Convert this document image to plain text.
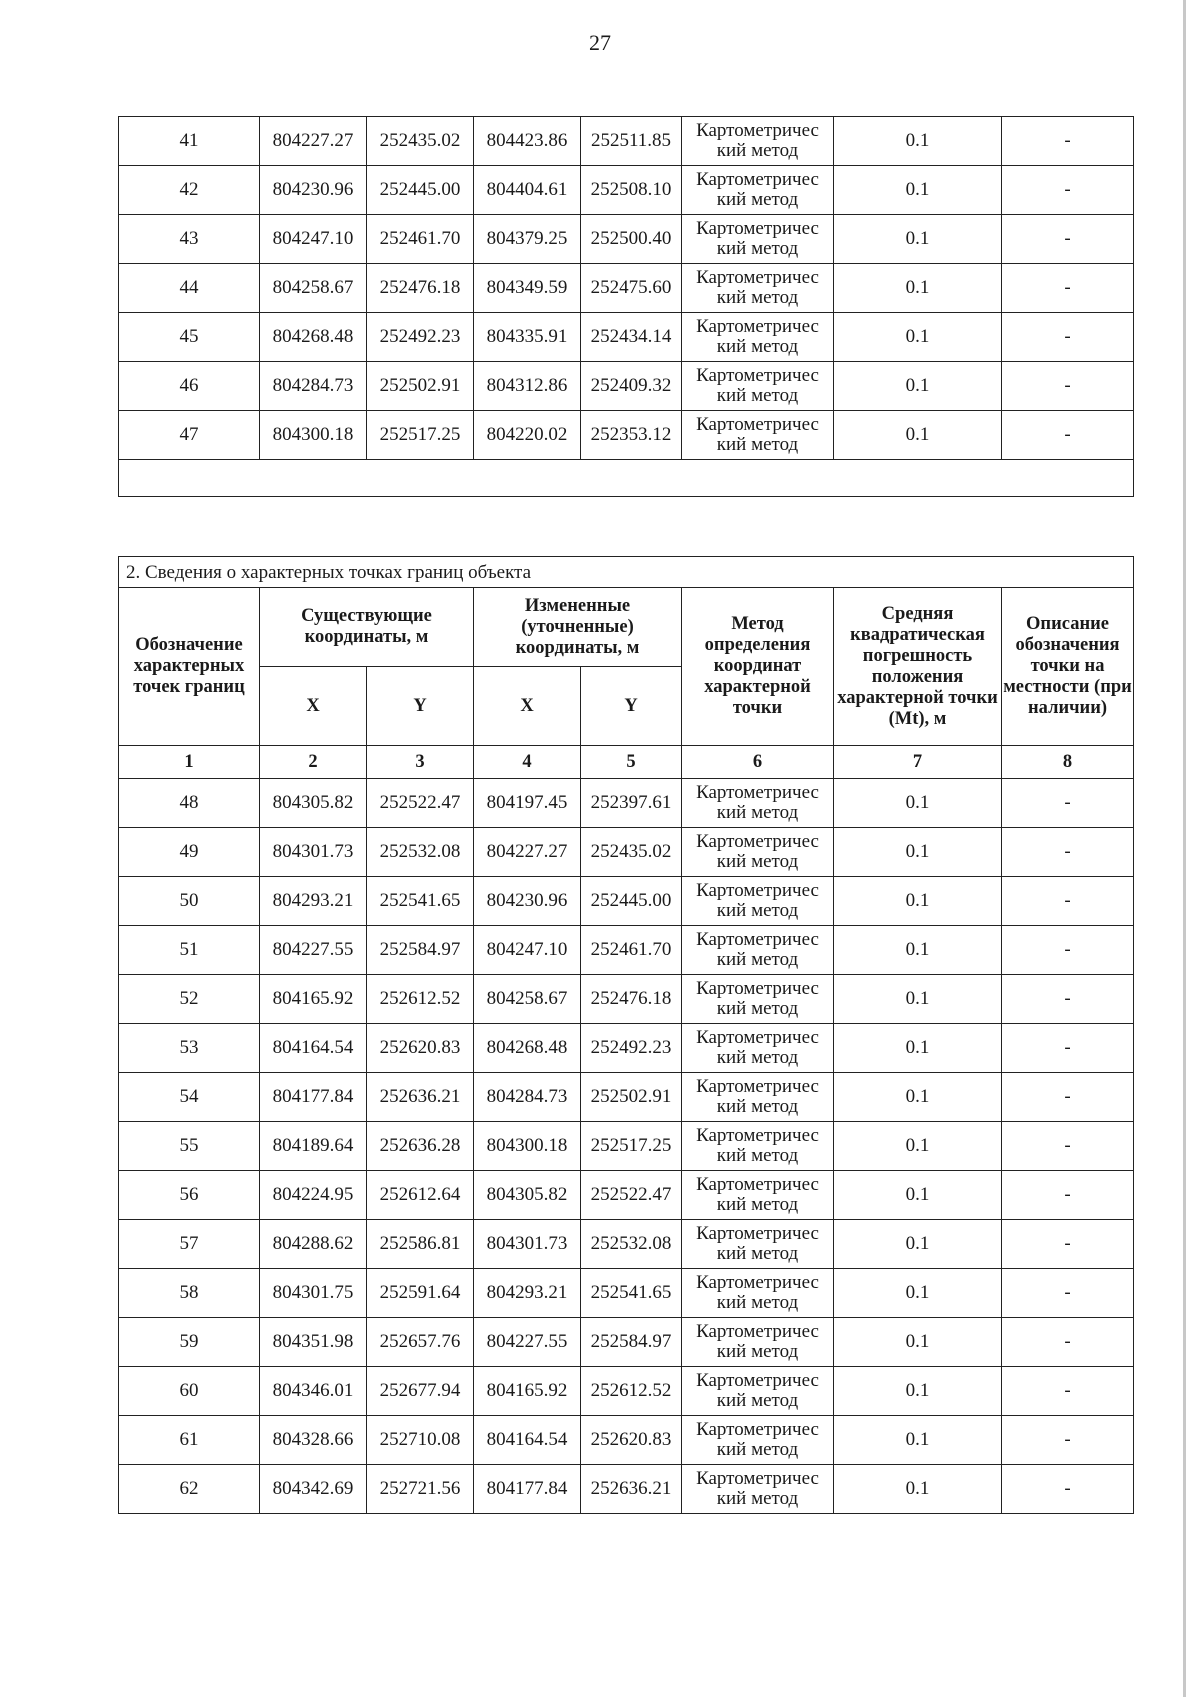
27
41	804227.27	252435.02	804423.86	252511.85	Картометричес кий метод	0.1	-
42	804230.96	252445.00	804404.61	252508.10	Картометричес кий метод	0.1	-
43	804247.10	252461.70	804379.25	252500.40	Картометричес кий метод	0.1	-
44	804258.67	252476.18	804349.59	252475.60	Картометричес кий метод	0.1	-
45	804268.48	252492.23	804335.91	252434.14	Картометричес кий метод	0.1	-
46	804284.73	252502.91	804312.86	252409.32	Картометричес кий метод	0.1	-
47	804300.18	252517.25	804220.02	252353.12	Картометричес кий метод	0.1	-

2. Сведения о характерных точках границ объекта							
Обозначение характерных точек границ	Существующие координаты, м		Измененные (уточненные) координаты, м		Метод определения координат характерной точки	Средняя квадратическая погрешность положения характерной точки (Mt), м	Описание обозначения точки на местности (при наличии)
	X	Y	X	Y			
1	2	3	4	5	6	7	8
48	804305.82	252522.47	804197.45	252397.61	Картометричес кий метод	0.1	-
49	804301.73	252532.08	804227.27	252435.02	Картометричес кий метод	0.1	-
50	804293.21	252541.65	804230.96	252445.00	Картометричес кий метод	0.1	-
51	804227.55	252584.97	804247.10	252461.70	Картометричес кий метод	0.1	-
52	804165.92	252612.52	804258.67	252476.18	Картометричес кий метод	0.1	-
53	804164.54	252620.83	804268.48	252492.23	Картометричес кий метод	0.1	-
54	804177.84	252636.21	804284.73	252502.91	Картометричес кий метод	0.1	-
55	804189.64	252636.28	804300.18	252517.25	Картометричес кий метод	0.1	-
56	804224.95	252612.64	804305.82	252522.47	Картометричес кий метод	0.1	-
57	804288.62	252586.81	804301.73	252532.08	Картометричес кий метод	0.1	-
58	804301.75	252591.64	804293.21	252541.65	Картометричес кий метод	0.1	-
59	804351.98	252657.76	804227.55	252584.97	Картометричес кий метод	0.1	-
60	804346.01	252677.94	804165.92	252612.52	Картометричес кий метод	0.1	-
61	804328.66	252710.08	804164.54	252620.83	Картометричес кий метод	0.1	-
62	804342.69	252721.56	804177.84	252636.21	Картометричес кий метод	0.1	-
